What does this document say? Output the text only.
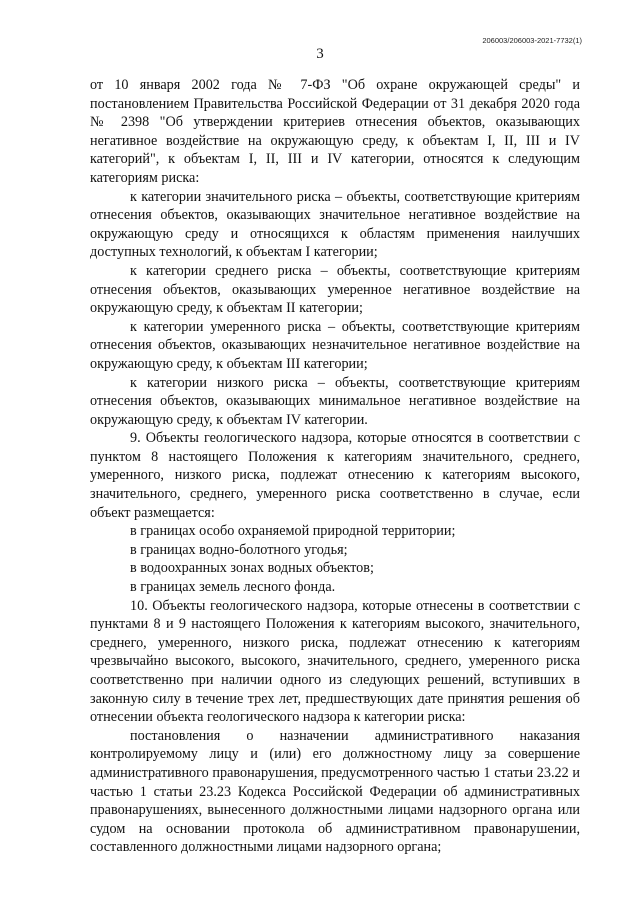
206003/206003-2021-7732(1)
3

от 10 января 2002 года № 7-ФЗ "Об охране окружающей среды" и постановлением Правительства Российской Федерации от 31 декабря 2020 года № 2398 "Об утверждении критериев отнесения объектов, оказывающих негативное воздействие на окружающую среду, к объектам I, II, III и IV категорий", к объектам I, II, III и IV категории, относятся к следующим категориям риска:

к категории значительного риска – объекты, соответствующие критериям отнесения объектов, оказывающих значительное негативное воздействие на окружающую среду и относящихся к областям применения наилучших доступных технологий, к объектам I категории;

к категории среднего риска – объекты, соответствующие критериям отнесения объектов, оказывающих умеренное негативное воздействие на окружающую среду, к объектам II категории;

к категории умеренного риска – объекты, соответствующие критериям отнесения объектов, оказывающих незначительное негативное воздействие на окружающую среду, к объектам III категории;

к категории низкого риска – объекты, соответствующие критериям отнесения объектов, оказывающих минимальное негативное воздействие на окружающую среду, к объектам IV категории.

9. Объекты геологического надзора, которые относятся в соответствии с пунктом 8 настоящего Положения к категориям значительного, среднего, умеренного, низкого риска, подлежат отнесению к категориям высокого, значительного, среднего, умеренного риска соответственно в случае, если объект размещается:

в границах особо охраняемой природной территории;

в границах водно-болотного угодья;

в водоохранных зонах водных объектов;

в границах земель лесного фонда.

10. Объекты геологического надзора, которые отнесены в соответствии с пунктами 8 и 9 настоящего Положения к категориям высокого, значительного, среднего, умеренного, низкого риска, подлежат отнесению к категориям чрезвычайно высокого, высокого, значительного, среднего, умеренного риска соответственно при наличии одного из следующих решений, вступивших в законную силу в течение трех лет, предшествующих дате принятия решения об отнесении объекта геологического надзора к категории риска:

постановления о назначении административного наказания контролируемому лицу и (или) его должностному лицу за совершение административного правонарушения, предусмотренного частью 1 статьи 23.22 и частью 1 статьи 23.23 Кодекса Российской Федерации об административных правонарушениях, вынесенного должностными лицами надзорного органа или судом на основании протокола об административном правонарушении, составленного должностными лицами надзорного органа;
